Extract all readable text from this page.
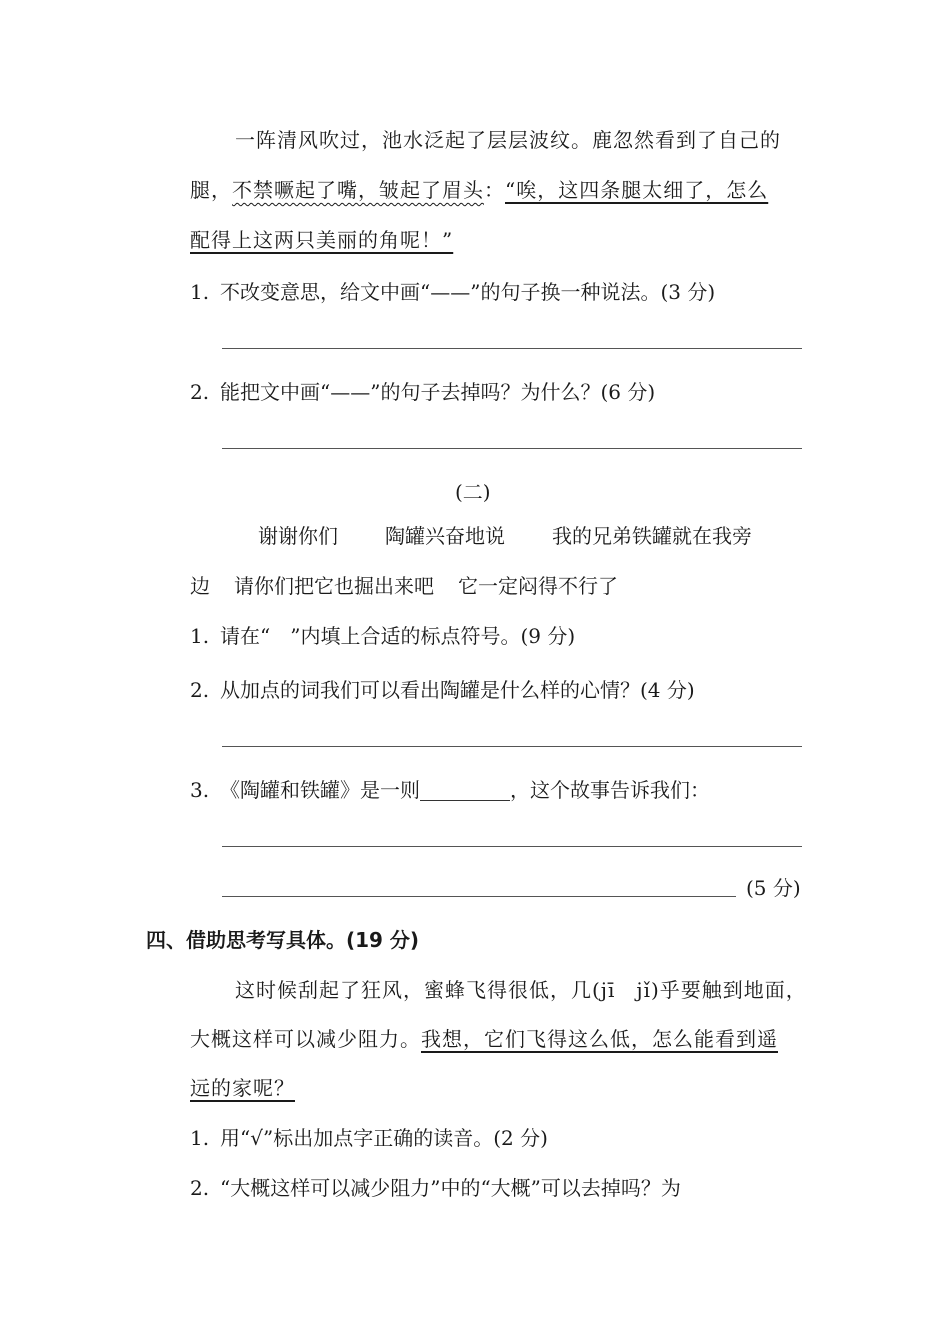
一阵清风吹过，池水泛起了层层波纹。鹿忽然看到了自己的
腿，不禁噘起了嘴，皱起了眉头：“唉，这四条腿太细了，怎么
配得上这两只美丽的角呢！”
1. 不改变意思，给文中画“——”的句子换一种说法。(3 分)
2. 能把文中画“——”的句子去掉吗？为什么？(6 分)
(二)
谢谢你们 陶罐兴奋地说 我的兄弟铁罐就在我旁
边 请你们把它也掘出来吧 它一定闷得不行了
1. 请在“　”内填上合适的标点符号。(9 分)
2. 从加点的词我们可以看出陶罐是什么样的心情？(4 分)
3. 《陶罐和铁罐》是一则	，这个故事告诉我们：
(5 分)
四、借助思考写具体。(19 分)
这时候刮起了狂风，蜜蜂飞得很低，几(jī　jǐ)乎要触到地面，
大概这样可以减少阻力。我想，它们飞得这么低，怎么能看到遥
远的家呢？
1. 用“√”标出加点字正确的读音。(2 分)
2. “大概这样可以减少阻力”中的“大概”可以去掉吗？为
